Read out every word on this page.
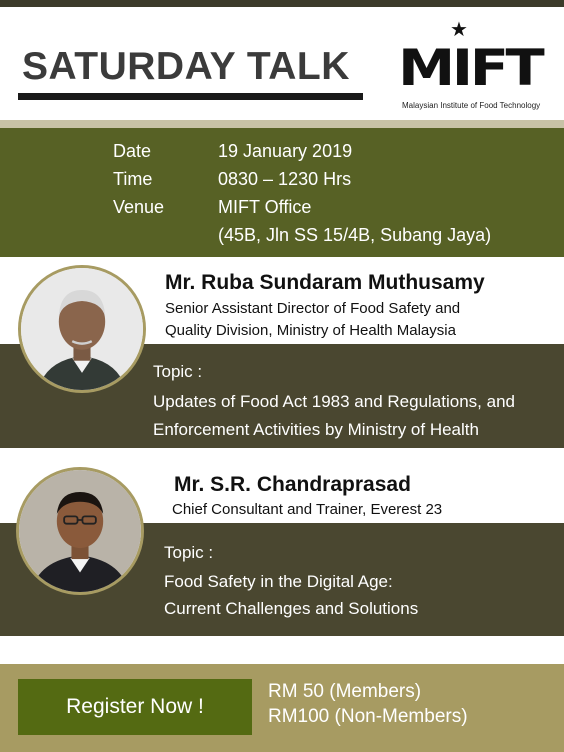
SATURDAY TALK
★
MIFT
Malaysian Institute of Food Technology
Date	19 January 2019
Time	0830 – 1230 Hrs
Venue	MIFT Office
(45B, Jln SS 15/4B, Subang Jaya)
Mr. Ruba Sundaram Muthusamy
Senior Assistant Director of Food Safety and
Quality Division, Ministry of Health Malaysia
Topic :
Updates of Food Act 1983 and Regulations, and
Enforcement Activities by Ministry of Health
Mr. S.R. Chandraprasad
Chief Consultant and Trainer, Everest 23
Topic :
Food Safety in the Digital Age:
Current Challenges and Solutions
Register Now !
RM 50 (Members)
RM100 (Non-Members)
